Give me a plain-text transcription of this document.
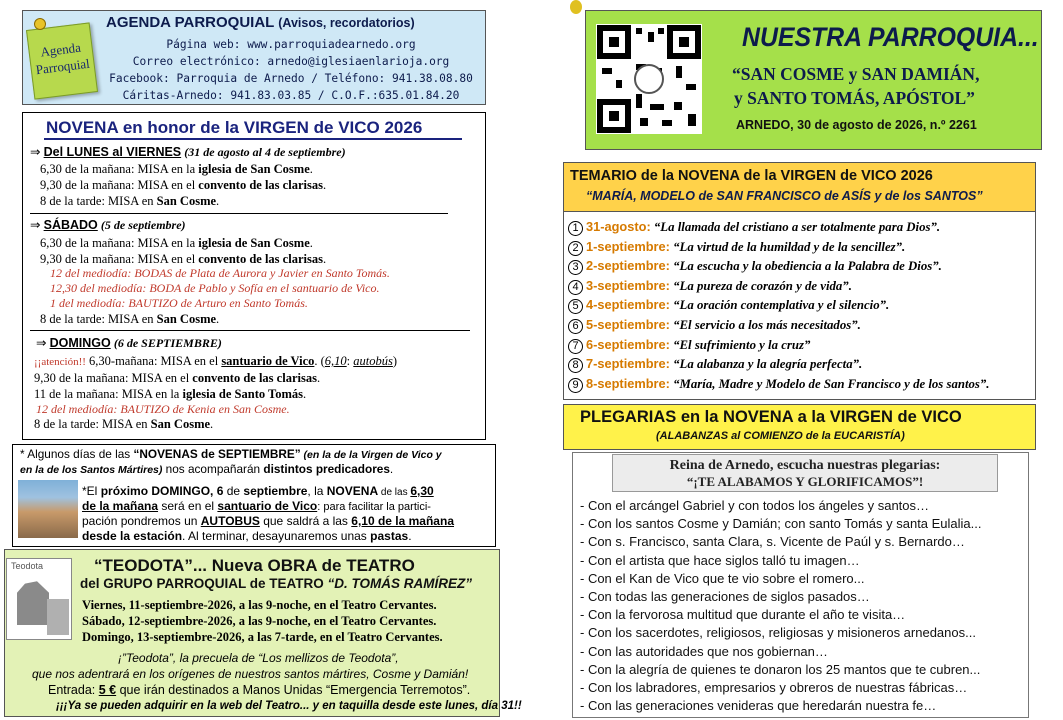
Agenda
Parroquial
AGENDA PARROQUIAL (Avisos, recordatorios)
Página web: www.parroquiadearnedo.org
Correo electrónico: arnedo@iglesiaenlarioja.org
Facebook: Parroquia de Arnedo / Teléfono: 941.38.08.80
Cáritas-Arnedo: 941.83.03.85 / C.O.F.:635.01.84.20
NOVENA en honor de la VIRGEN de VICO 2026
⇒ Del LUNES al VIERNES (31 de agosto al 4 de septiembre)
6,30 de la mañana: MISA en la iglesia de San Cosme.
9,30 de la mañana: MISA en el convento de las clarisas.
8 de la tarde: MISA en San Cosme.
⇒ SÁBADO (5 de septiembre)
6,30 de la mañana: MISA en la iglesia de San Cosme.
9,30 de la mañana: MISA en el convento de las clarisas.
12 del mediodía: BODAS de Plata de Aurora y Javier en Santo Tomás.
12,30 del mediodía: BODA de Pablo y Sofía en el santuario de Vico.
1 del mediodía: BAUTIZO de Arturo en Santo Tomás.
8 de la tarde: MISA en San Cosme.
⇒ DOMINGO (6 de SEPTIEMBRE)
¡¡atención!! 6,30-mañana: MISA en el santuario de Vico. (6,10: autobús)
9,30 de la mañana: MISA en el convento de las clarisas.
11 de la mañana: MISA en la iglesia de Santo Tomás.
12 del mediodía: BAUTIZO de Kenia en San Cosme.
8 de la tarde: MISA en San Cosme.
* Algunos días de las “NOVENAS de SEPTIEMBRE” (en la de la Virgen de Vico y
en la de los Santos Mártires) nos acompañarán distintos predicadores.
*El próximo DOMINGO, 6 de septiembre, la NOVENA de las 6,30
de la mañana será en el santuario de Vico: para facilitar la partici-
pación pondremos un AUTOBUS que saldrá a las 6,10 de la mañana
desde la estación. Al terminar, desayunaremos unas pastas.
Teodota	“TEODOTA”... Nueva OBRA de TEATRO
del GRUPO PARROQUIAL de TEATRO “D. TOMÁS RAMÍREZ”
Viernes, 11-septiembre-2026, a las 9-noche, en el Teatro Cervantes.
Sábado, 12-septiembre-2026, a las 9-noche, en el Teatro Cervantes.
Domingo, 13-septiembre-2026, a las 7-tarde, en el Teatro Cervantes.
¡”Teodota”, la precuela de “Los mellizos de Teodota”,
que nos adentrará en los orígenes de nuestros santos mártires, Cosme y Damián!
Entrada: 5 € que irán destinados a Manos Unidas “Emergencia Terremotos”.
¡¡¡Ya se pueden adquirir en la web del Teatro... y en taquilla desde este lunes, día 31!!
NUESTRA PARROQUIA...
“SAN COSME y SAN DAMIÁN,
y SANTO TOMÁS, APÓSTOL”
ARNEDO, 30 de agosto de 2026, n.º 2261
TEMARIO de la NOVENA de la VIRGEN de VICO 2026
“MARÍA, MODELO de SAN FRANCISCO de ASÍS y de los SANTOS”
1 31-agosto: “La llamada del cristiano a ser totalmente para Dios”.
2 1-septiembre: “La virtud de la humildad y de la sencillez”.
3 2-septiembre: “La escucha y la obediencia a la Palabra de Dios”.
4 3-septiembre: “La pureza de corazón y de vida”.
5 4-septiembre: “La oración contemplativa y el silencio”.
6 5-septiembre: “El servicio a los más necesitados”.
7 6-septiembre: “El sufrimiento y la cruz”
8 7-septiembre: “La alabanza y la alegría perfecta”.
9 8-septiembre: “María, Madre y Modelo de San Francisco y de los santos”.
PLEGARIAS en la NOVENA a la VIRGEN de VICO
(ALABANZAS al COMIENZO de la EUCARISTÍA)
Reina de Arnedo, escucha nuestras plegarias:
“¡TE ALABAMOS Y GLORIFICAMOS”!
- Con el arcángel Gabriel y con todos los ángeles y santos…
- Con los santos Cosme y Damián; con santo Tomás y santa Eulalia...
- Con s. Francisco, santa Clara, s. Vicente de Paúl y s. Bernardo…
- Con el artista que hace siglos talló tu imagen…
- Con el Kan de Vico que te vio sobre el romero...
- Con todas las generaciones de siglos pasados…
- Con la fervorosa multitud que durante el año te visita…
- Con los sacerdotes, religiosos, religiosas y misioneros arnedanos...
- Con las autoridades que nos gobiernan…
- Con la alegría de quienes te donaron los 25 mantos que te cubren...
- Con los labradores, empresarios y obreros de nuestras fábricas…
- Con las generaciones venideras que heredarán nuestra fe…
